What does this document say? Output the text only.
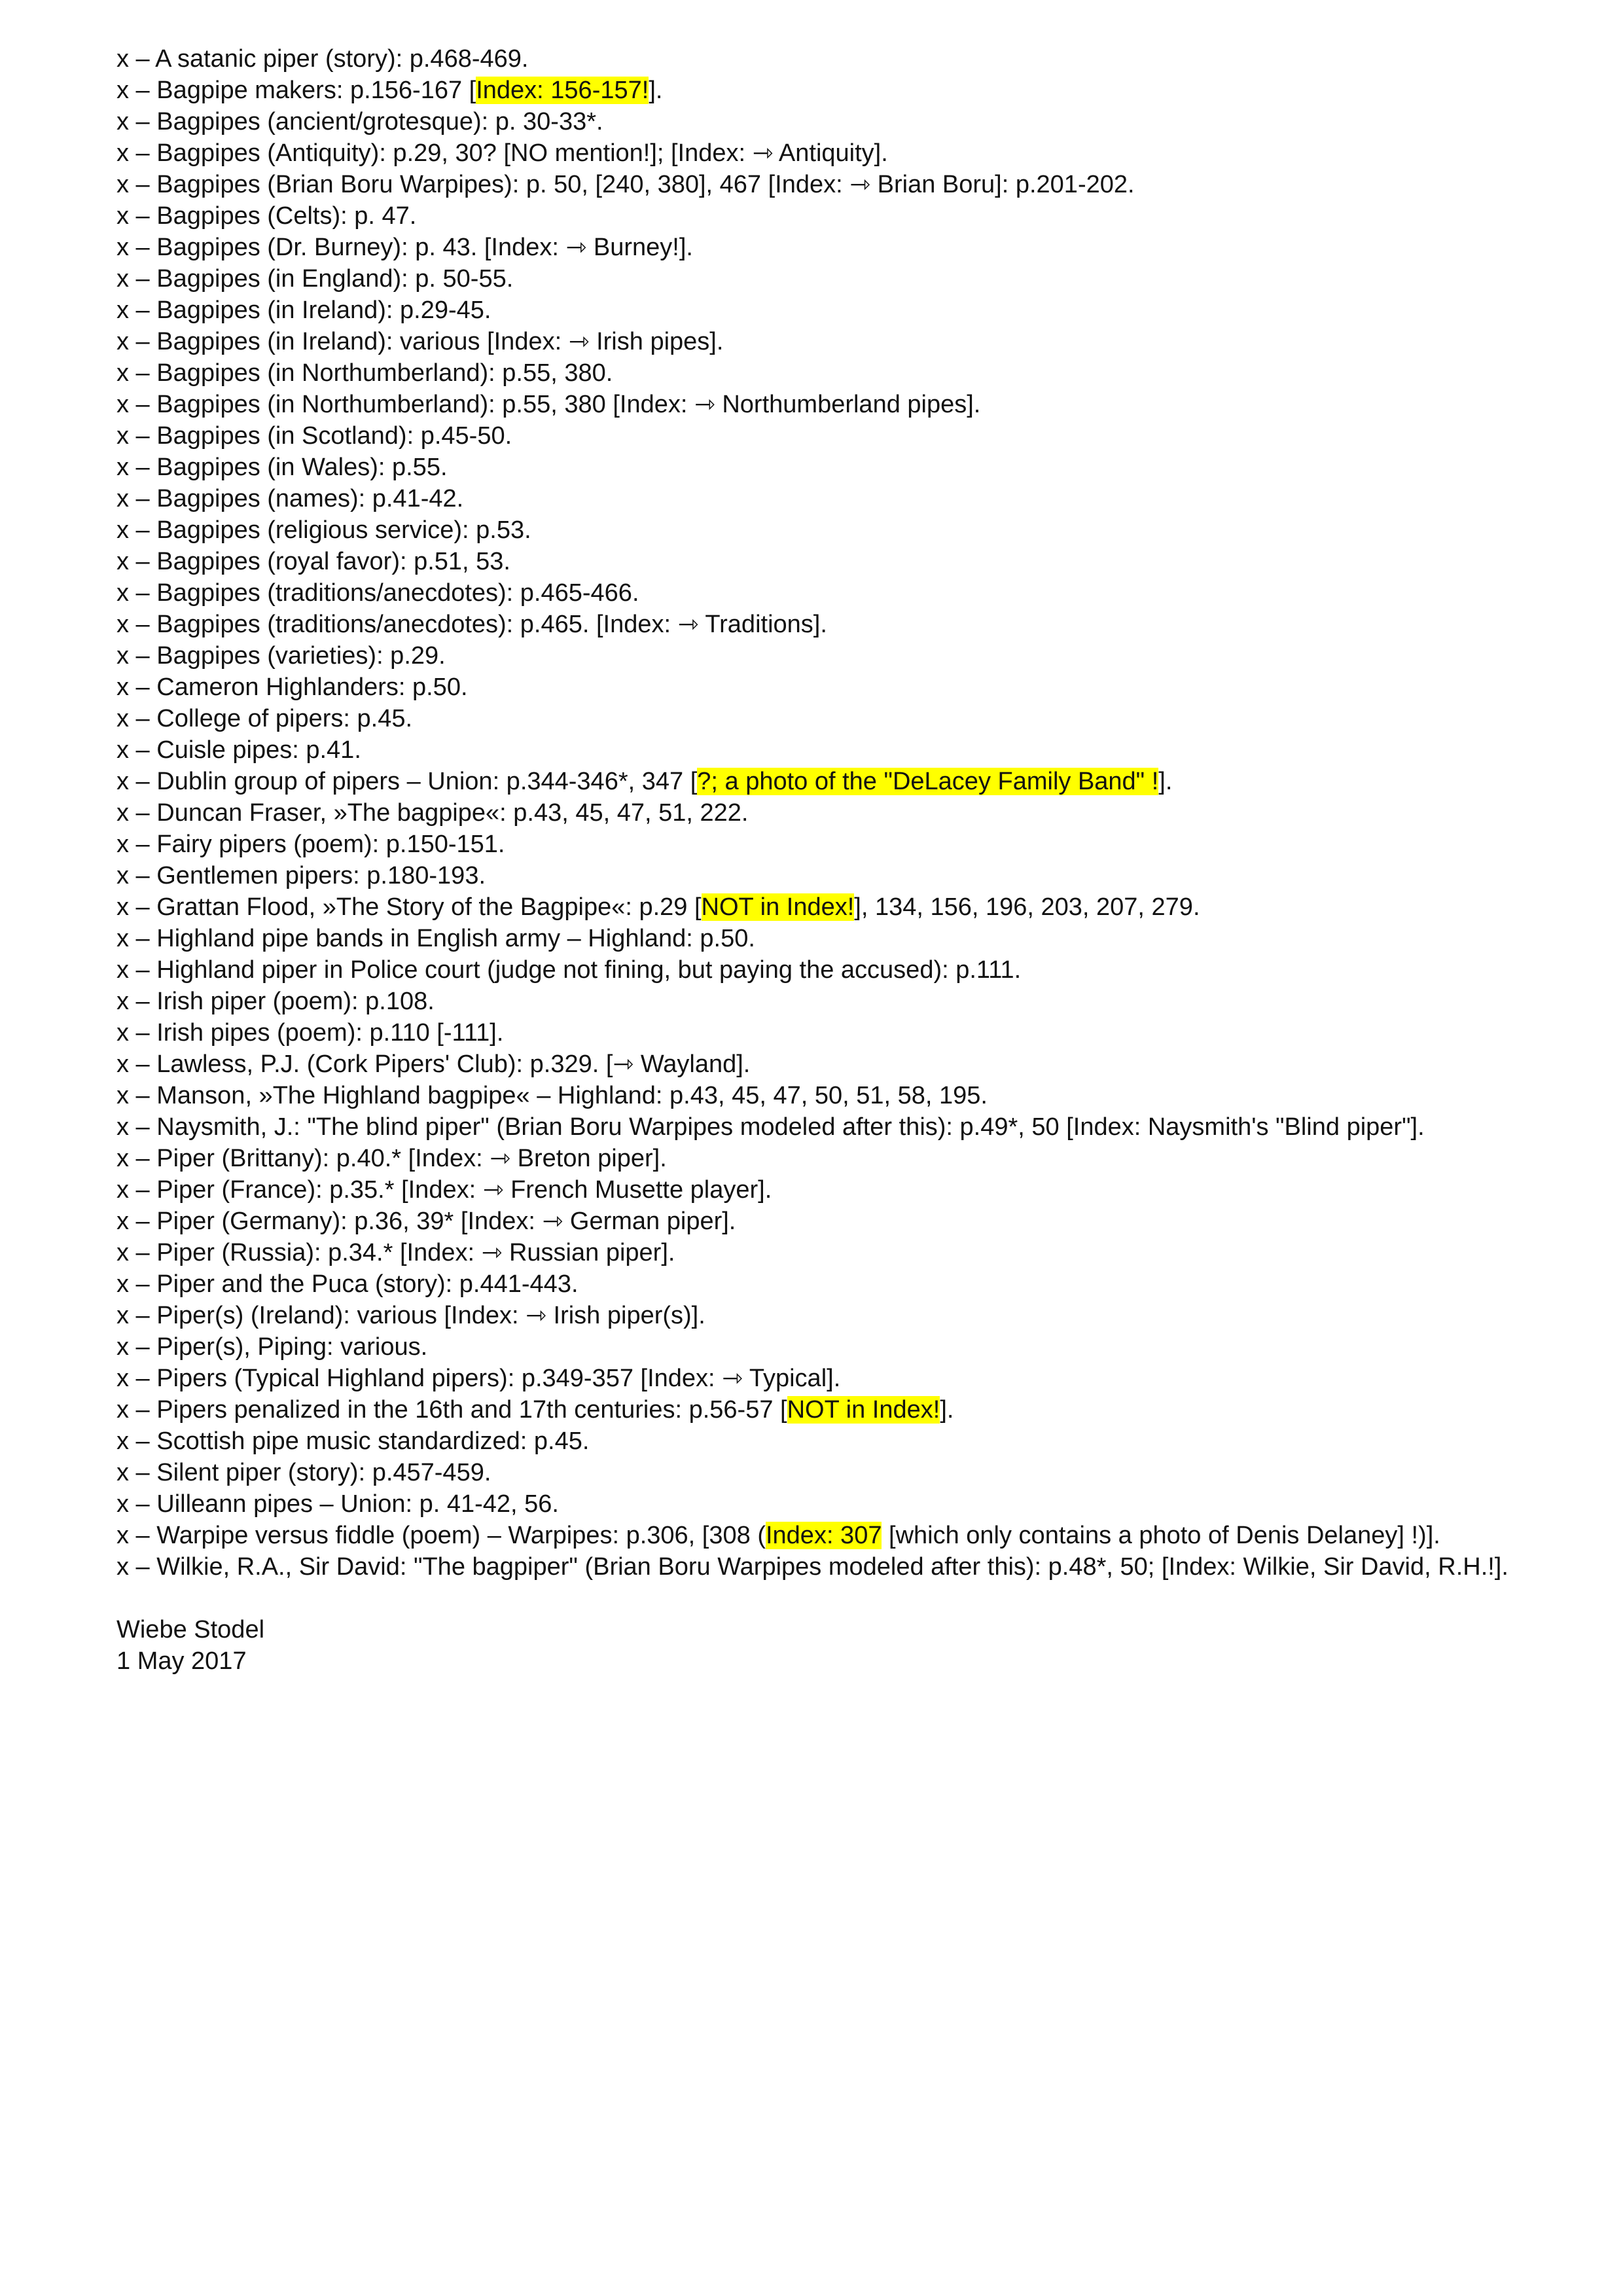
x – A satanic piper (story): p.468-469.
x – Bagpipe makers: p.156-167 [Index: 156-157!].
x – Bagpipes (ancient/grotesque): p. 30-33*.
x – Bagpipes (Antiquity): p.29, 30? [NO mention!]; [Index: ⇾ Antiquity].
x – Bagpipes (Brian Boru Warpipes): p. 50, [240, 380], 467 [Index: ⇾ Brian Boru]: p.201-202.
x – Bagpipes (Celts): p. 47.
x – Bagpipes (Dr. Burney): p. 43. [Index: ⇾ Burney!].
x – Bagpipes (in England): p. 50-55.
x – Bagpipes (in Ireland): p.29-45.
x – Bagpipes (in Ireland): various [Index: ⇾ Irish pipes].
x – Bagpipes (in Northumberland): p.55, 380.
x – Bagpipes (in Northumberland): p.55, 380 [Index: ⇾ Northumberland pipes].
x – Bagpipes (in Scotland): p.45-50.
x – Bagpipes (in Wales): p.55.
x – Bagpipes (names): p.41-42.
x – Bagpipes (religious service): p.53.
x – Bagpipes (royal favor): p.51, 53.
x – Bagpipes (traditions/anecdotes): p.465-466.
x – Bagpipes (traditions/anecdotes): p.465. [Index: ⇾ Traditions].
x – Bagpipes (varieties): p.29.
x – Cameron Highlanders: p.50.
x – College of pipers: p.45.
x – Cuisle pipes: p.41.
x – Dublin group of pipers – Union: p.344-346*, 347 [?; a photo of the "DeLacey Family Band" !].
x – Duncan Fraser, »The bagpipe«: p.43, 45, 47, 51, 222.
x – Fairy pipers (poem): p.150-151.
x – Gentlemen pipers: p.180-193.
x – Grattan Flood, »The Story of the Bagpipe«: p.29 [NOT in Index!], 134, 156, 196, 203, 207, 279.
x – Highland pipe bands in English army – Highland: p.50.
x – Highland piper in Police court (judge not fining, but paying the accused): p.111.
x – Irish piper (poem): p.108.
x – Irish pipes (poem): p.110 [-111].
x – Lawless, P.J. (Cork Pipers' Club): p.329. [⇾ Wayland].
x – Manson, »The Highland bagpipe« – Highland: p.43, 45, 47, 50, 51, 58, 195.
x – Naysmith, J.: "The blind piper" (Brian Boru Warpipes modeled after this): p.49*, 50 [Index: Naysmith's "Blind piper"].
x – Piper (Brittany): p.40.* [Index: ⇾ Breton piper].
x – Piper (France): p.35.* [Index: ⇾ French Musette player].
x – Piper (Germany): p.36, 39* [Index: ⇾ German piper].
x – Piper (Russia): p.34.* [Index: ⇾ Russian piper].
x – Piper and the Puca (story): p.441-443.
x – Piper(s) (Ireland): various [Index: ⇾ Irish piper(s)].
x – Piper(s), Piping: various.
x – Pipers (Typical Highland pipers): p.349-357 [Index: ⇾ Typical].
x – Pipers penalized in the 16th and 17th centuries: p.56-57 [NOT in Index!].
x – Scottish pipe music standardized: p.45.
x – Silent piper (story): p.457-459.
x – Uilleann pipes – Union: p. 41-42, 56.
x – Warpipe versus fiddle (poem) – Warpipes: p.306, [308 (Index: 307 [which only contains a photo of Denis Delaney] !)].
x – Wilkie, R.A., Sir David: "The bagpiper" (Brian Boru Warpipes modeled after this): p.48*, 50; [Index: Wilkie, Sir David, R.H.!].
Wiebe Stodel
1 May 2017
